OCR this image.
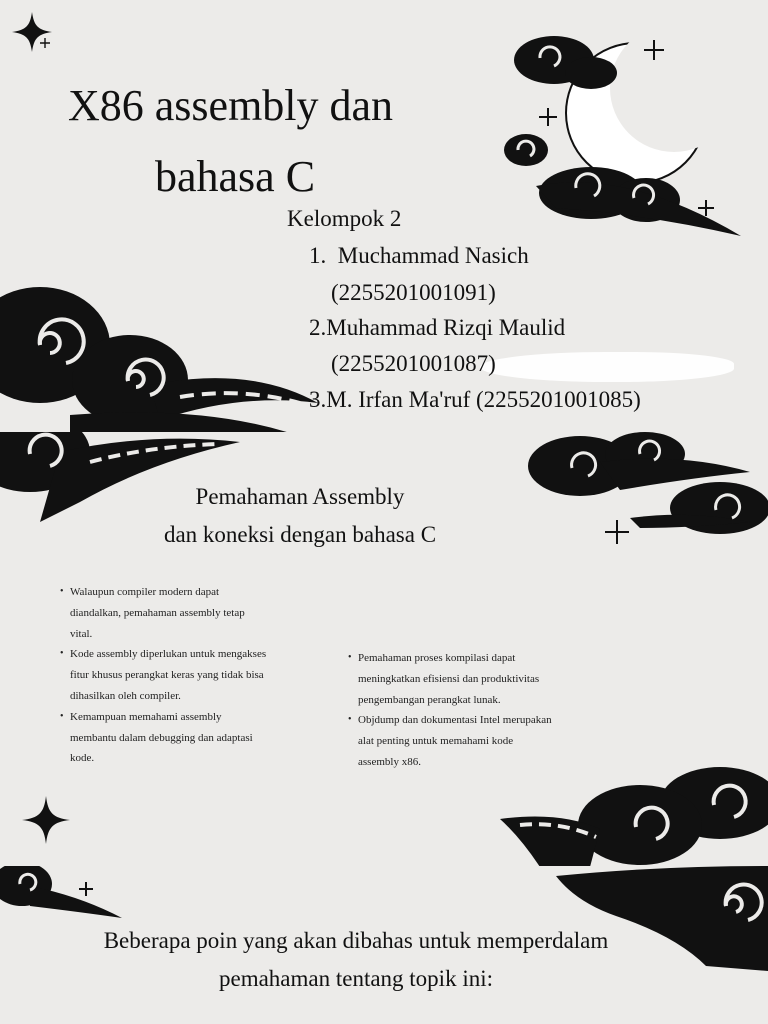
X86 assembly dan
bahasa C
Kelompok 2
1. Muchammad Nasich
(2255201001091)
2.Muhammad Rizqi Maulid
(2255201001087)
3.M. Irfan Ma'ruf (2255201001085)
Pemahaman Assembly
dan koneksi dengan bahasa C
• Walaupun compiler modern dapat
diandalkan, pemahaman assembly tetap
vital.
• Kode assembly diperlukan untuk mengakses
fitur khusus perangkat keras yang tidak bisa
dihasilkan oleh compiler.
• Kemampuan memahami assembly
membantu dalam debugging dan adaptasi
kode.
• Pemahaman proses kompilasi dapat
meningkatkan efisiensi dan produktivitas
pengembangan perangkat lunak.
• Objdump dan dokumentasi Intel merupakan
alat penting untuk memahami kode
assembly x86.
Beberapa poin yang akan dibahas untuk memperdalam
pemahaman tentang topik ini:
